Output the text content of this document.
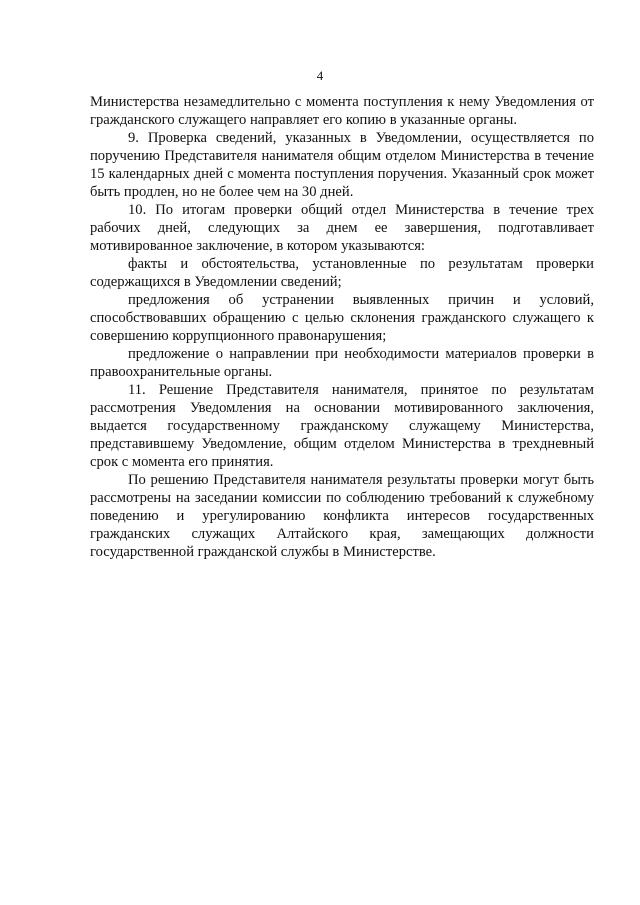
4

Министерства незамедлительно с момента поступления к нему Уведомления от гражданского служащего направляет его копию в указанные органы.

9. Проверка сведений, указанных в Уведомлении, осуществляется по поручению Представителя нанимателя общим отделом Министерства в течение 15 календарных дней с момента поступления поручения. Указанный срок может быть продлен, но не более чем на 30 дней.

10. По итогам проверки общий отдел Министерства в течение трех рабочих дней, следующих за днем ее завершения, подготавливает мотивированное заключение, в котором указываются:

факты и обстоятельства, установленные по результатам проверки содержащихся в Уведомлении сведений;

предложения об устранении выявленных причин и условий, способствовавших обращению с целью склонения гражданского служащего к совершению коррупционного правонарушения;

предложение о направлении при необходимости материалов проверки в правоохранительные органы.

11. Решение Представителя нанимателя, принятое по результатам рассмотрения Уведомления на основании мотивированного заключения, выдается государственному гражданскому служащему Министерства, представившему Уведомление, общим отделом Министерства в трехдневный срок с момента его принятия.

По решению Представителя нанимателя результаты проверки могут быть рассмотрены на заседании комиссии по соблюдению требований к служебному поведению и урегулированию конфликта интересов государственных гражданских служащих Алтайского края, замещающих должности государственной гражданской службы в Министерстве.
